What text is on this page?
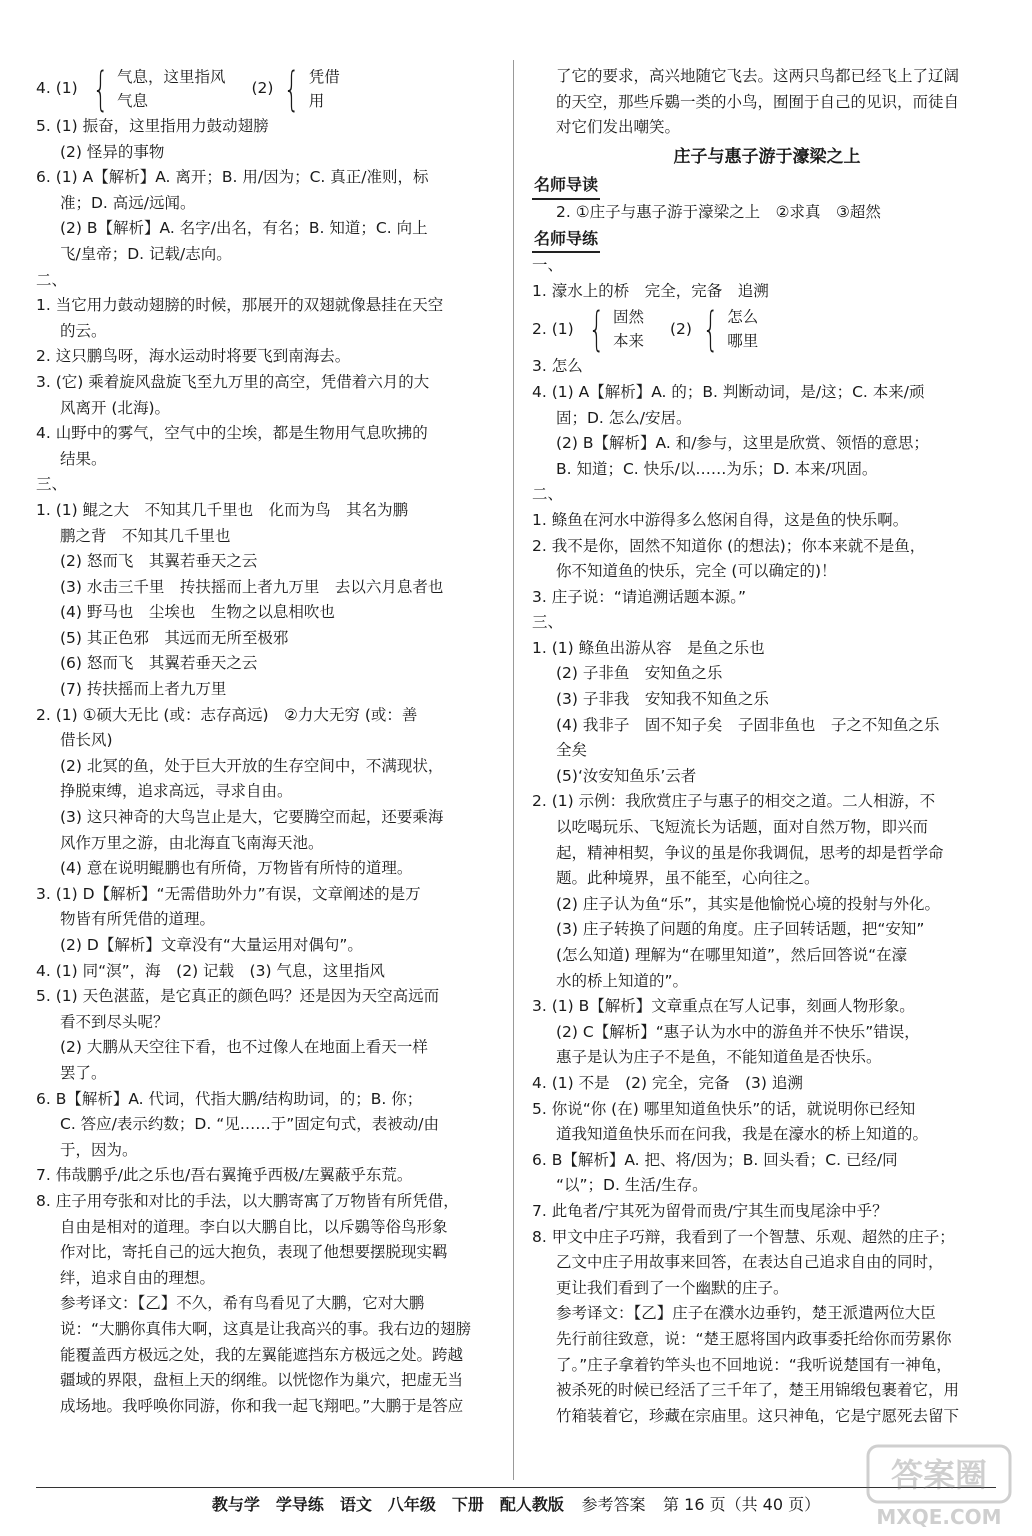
4. (1) { 气息，这里指风
气息
(2) { 凭借
用
5. (1) 振奋，这里指用力鼓动翅膀
(2) 怪异的事物
6. (1) A【解析】A. 离开；B. 用/因为；C. 真正/准则，标
准；D. 高远/远闻。
(2) B【解析】A. 名字/出名，有名；B. 知道；C. 向上
飞/皇帝；D. 记载/志向。
二、
1. 当它用力鼓动翅膀的时候，那展开的双翅就像悬挂在天空
的云。
2. 这只鹏鸟呀，海水运动时将要飞到南海去。
3. (它) 乘着旋风盘旋飞至九万里的高空，凭借着六月的大
风离开 (北海)。
4. 山野中的雾气，空气中的尘埃，都是生物用气息吹拂的
结果。
三、
1. (1) 鲲之大　不知其几千里也　化而为鸟　其名为鹏
鹏之背　不知其几千里也
(2) 怒而飞　其翼若垂天之云
(3) 水击三千里　抟扶摇而上者九万里　去以六月息者也
(4) 野马也　尘埃也　生物之以息相吹也
(5) 其正色邪　其远而无所至极邪
(6) 怒而飞　其翼若垂天之云
(7) 抟扶摇而上者九万里
2. (1) ①硕大无比 (或：志存高远)　②力大无穷 (或：善
借长风)
(2) 北冥的鱼，处于巨大开放的生存空间中，不满现状，
挣脱束缚，追求高远，寻求自由。
(3) 这只神奇的大鸟岂止是大，它要腾空而起，还要乘海
风作万里之游，由北海直飞南海天池。
(4) 意在说明鲲鹏也有所倚，万物皆有所恃的道理。
3. (1) D【解析】“无需借助外力”有误，文章阐述的是万
物皆有所凭借的道理。
(2) D【解析】文章没有“大量运用对偶句”。
4. (1) 同“溟”，海　(2) 记载　(3) 气息，这里指风
5. (1) 天色湛蓝，是它真正的颜色吗？还是因为天空高远而
看不到尽头呢？
(2) 大鹏从天空往下看，也不过像人在地面上看天一样
罢了。
6. B【解析】A. 代词，代指大鹏/结构助词，的；B. 你；
C. 答应/表示约数；D. “见……于”固定句式，表被动/由
于，因为。
7. 伟哉鹏乎/此之乐也/吾右翼掩乎西极/左翼蔽乎东荒。
8. 庄子用夸张和对比的手法，以大鹏寄寓了万物皆有所凭借，
自由是相对的道理。李白以大鹏自比，以斥鷃等俗鸟形象
作对比，寄托自己的远大抱负，表现了他想要摆脱现实羁
绊，追求自由的理想。
参考译文：【乙】不久，希有鸟看见了大鹏，它对大鹏
说：“大鹏你真伟大啊，这真是让我高兴的事。我右边的翅膀
能覆盖西方极远之处，我的左翼能遮挡东方极远之处。跨越
疆域的界限，盘桓上天的纲维。以恍惚作为巢穴，把虚无当
成场地。我呼唤你同游，你和我一起飞翔吧。”大鹏于是答应
了它的要求，高兴地随它飞去。这两只鸟都已经飞上了辽阔
的天空，那些斥鷃一类的小鸟，囿囿于自己的见识，而徒自
对它们发出嘲笑。
庄子与惠子游于濠梁之上
名师导读
2. ①庄子与惠子游于濠梁之上　②求真　③超然
名师导练
一、
1. 濠水上的桥　完全，完备　追溯
2. (1) { 固然
本来
(2) { 怎么
哪里
3. 怎么
4. (1) A【解析】A. 的；B. 判断动词，是/这；C. 本来/顽
固；D. 怎么/安居。
(2) B【解析】A. 和/参与，这里是欣赏、领悟的意思；
B. 知道；C. 快乐/以……为乐；D. 本来/巩固。
二、
1. 鲦鱼在河水中游得多么悠闲自得，这是鱼的快乐啊。
2. 我不是你，固然不知道你 (的想法)；你本来就不是鱼，
你不知道鱼的快乐，完全 (可以确定的)！
3. 庄子说：“请追溯话题本源。”
三、
1. (1) 鲦鱼出游从容　是鱼之乐也
(2) 子非鱼　安知鱼之乐
(3) 子非我　安知我不知鱼之乐
(4) 我非子　固不知子矣　子固非鱼也　子之不知鱼之乐
全矣
(5)‘汝安知鱼乐’云者
2. (1) 示例：我欣赏庄子与惠子的相交之道。二人相游，不
以吃喝玩乐、飞短流长为话题，面对自然万物，即兴而
起，精神相契，争议的虽是你我调侃，思考的却是哲学命
题。此种境界，虽不能至，心向往之。
(2) 庄子认为鱼“乐”，其实是他愉悦心境的投射与外化。
(3) 庄子转换了问题的角度。庄子回转话题，把“安知”
(怎么知道) 理解为“在哪里知道”，然后回答说“在濠
水的桥上知道的”。
3. (1) B【解析】文章重点在写人记事，刻画人物形象。
(2) C【解析】“惠子认为水中的游鱼并不快乐”错误，
惠子是认为庄子不是鱼，不能知道鱼是否快乐。
4. (1) 不是　(2) 完全，完备　(3) 追溯
5. 你说“你 (在) 哪里知道鱼快乐”的话，就说明你已经知
道我知道鱼快乐而在问我，我是在濠水的桥上知道的。
6. B【解析】A. 把、将/因为；B. 回头看；C. 已经/同
“以”；D. 生活/生存。
7. 此龟者/宁其死为留骨而贵/宁其生而曳尾涂中乎？
8. 甲文中庄子巧辩，我看到了一个智慧、乐观、超然的庄子；
乙文中庄子用故事来回答，在表达自己追求自由的同时，
更让我们看到了一个幽默的庄子。
参考译文：【乙】庄子在濮水边垂钓，楚王派遣两位大臣
先行前往致意，说：“楚王愿将国内政事委托给你而劳累你
了。”庄子拿着钓竿头也不回地说：“我听说楚国有一神龟，
被杀死的时候已经活了三千年了，楚王用锦缎包裹着它，用
竹箱装着它，珍藏在宗庙里。这只神龟，它是宁愿死去留下
教与学　学导练　语文　八年级　下册　配人教版 参考答案 第 16 页（共 40 页）
答案圈
MXQE.COM
